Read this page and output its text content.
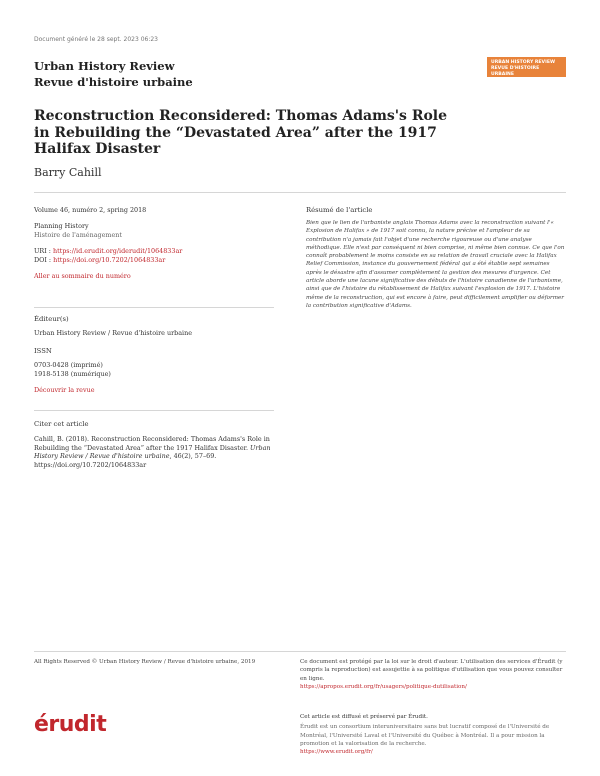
Document généré le 28 sept. 2023 06:23
Urban History Review
Revue d'histoire urbaine
URBAN HISTORY REVIEW
REVUE D'HISTOIRE URBAINE
Reconstruction Reconsidered: Thomas Adams's Role in Rebuilding the “Devastated Area” after the 1917 Halifax Disaster
Barry Cahill
Volume 46, numéro 2, spring 2018
Planning History
Histoire de l'aménagement
URI : https://id.erudit.org/iderudit/1064833ar
DOI : https://doi.org/10.7202/1064833ar
Aller au sommaire du numéro
Éditeur(s)
Urban History Review / Revue d'histoire urbaine
ISSN
0703-0428 (imprimé)
1918-5138 (numérique)
Découvrir la revue
Citer cet article
Cahill, B. (2018). Reconstruction Reconsidered: Thomas Adams's Role in Rebuilding the “Devastated Area” after the 1917 Halifax Disaster. Urban History Review / Revue d'histoire urbaine, 46(2), 57–69.
https://doi.org/10.7202/1064833ar
Résumé de l'article
Bien que le lien de l'urbaniste anglais Thomas Adams avec la reconstruction suivant l'« Explosion de Halifax » de 1917 soit connu, la nature précise et l'ampleur de sa contribution n'a jamais fait l'objet d'une recherche rigoureuse ou d'une analyse méthodique. Elle n'est par conséquent ni bien comprise, ni même bien connue. Ce que l'on connaît probablement le moins consiste en sa relation de travail cruciale avec la Halifax Relief Commission, instance du gouvernement fédéral qui a été établie sept semaines après le désastre afin d'assumer complètement la gestion des mesures d'urgence. Cet article aborde une lacune significative des débuts de l'histoire canadienne de l'urbanisme, ainsi que de l'histoire du rétablissement de Halifax suivant l'explosion de 1917. L'histoire même de la reconstruction, qui est encore à faire, peut difficilement amplifier ou déformer la contribution significative d'Adams.
All Rights Reserved © Urban History Review / Revue d'histoire urbaine, 2019	Ce document est protégé par la loi sur le droit d'auteur. L'utilisation des services d'Érudit (y compris la reproduction) est assujettie à sa politique d'utilisation que vous pouvez consulter en ligne.
https://apropos.erudit.org/fr/usagers/politique-dutilisation/
érudit	Cet article est diffusé et préservé par Érudit.
Érudit est un consortium interuniversitaire sans but lucratif composé de l'Université de Montréal, l'Université Laval et l'Université du Québec à Montréal. Il a pour mission la promotion et la valorisation de la recherche.
https://www.erudit.org/fr/
